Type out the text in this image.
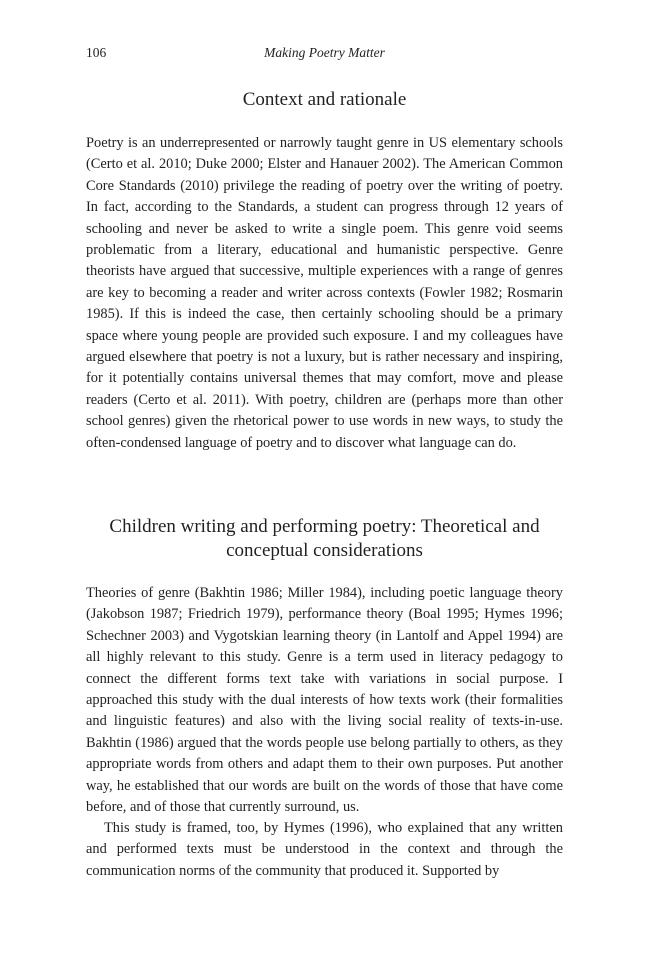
106	Making Poetry Matter
Context and rationale

Poetry is an underrepresented or narrowly taught genre in US elementary schools (Certo et al. 2010; Duke 2000; Elster and Hanauer 2002). The American Common Core Standards (2010) privilege the reading of poetry over the writing of poetry. In fact, according to the Standards, a student can progress through 12 years of schooling and never be asked to write a single poem. This genre void seems problematic from a literary, educational and humanistic perspective. Genre theorists have argued that successive, multiple experiences with a range of genres are key to becoming a reader and writer across contexts (Fowler 1982; Rosmarin 1985). If this is indeed the case, then certainly schooling should be a primary space where young people are provided such exposure. I and my colleagues have argued elsewhere that poetry is not a luxury, but is rather necessary and inspiring, for it potentially contains universal themes that may comfort, move and please readers (Certo et al. 2011). With poetry, children are (perhaps more than other school genres) given the rhetorical power to use words in new ways, to study the often-condensed language of poetry and to discover what language can do.

Children writing and performing poetry: Theoretical and conceptual considerations

Theories of genre (Bakhtin 1986; Miller 1984), including poetic language theory (Jakobson 1987; Friedrich 1979), performance theory (Boal 1995; Hymes 1996; Schechner 2003) and Vygotskian learning theory (in Lantolf and Appel 1994) are all highly relevant to this study. Genre is a term used in literacy pedagogy to connect the different forms text take with variations in social purpose. I approached this study with the dual interests of how texts work (their formalities and linguistic features) and also with the living social reality of texts-in-use. Bakhtin (1986) argued that the words people use belong partially to others, as they appropriate words from others and adapt them to their own purposes. Put another way, he established that our words are built on the words of those that have come before, and of those that currently surround, us.

This study is framed, too, by Hymes (1996), who explained that any written and performed texts must be understood in the context and through the communication norms of the community that produced it. Supported by
